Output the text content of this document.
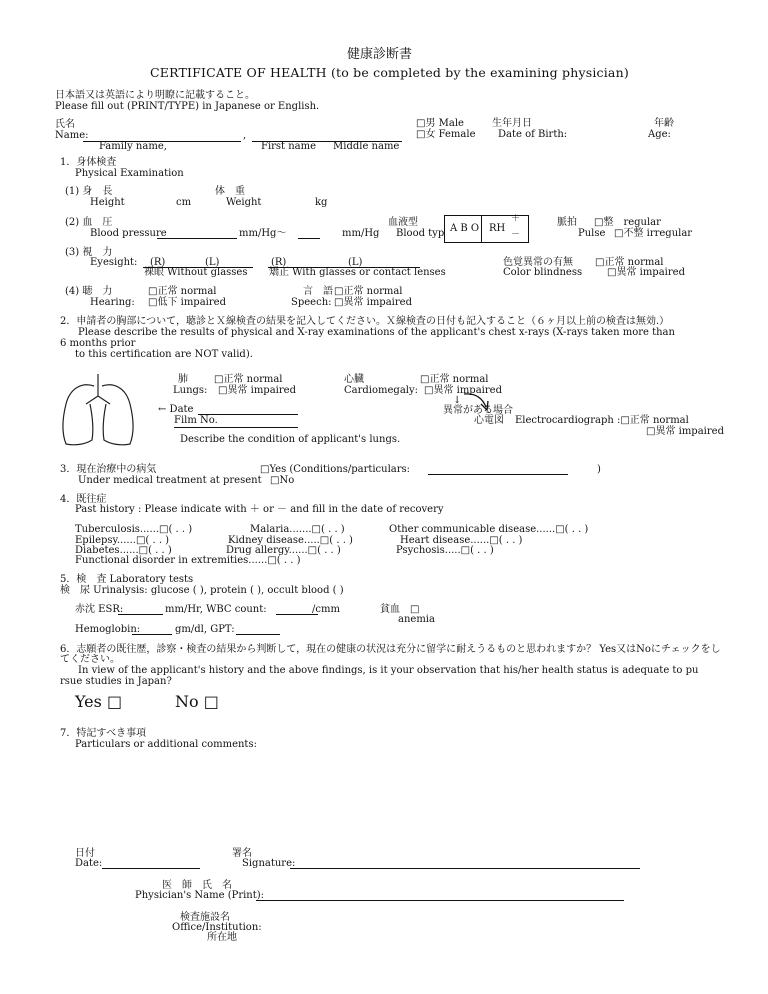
健康診断書
CERTIFICATE OF HEALTH (to be completed by the examining physician)
日本語又は英語により明瞭に記載すること。
Please fill out (PRINT/TYPE) in Japanese or English.
氏名
Name:	,
Family name,	First name Middle name
□男 Male
□女 Female
生年月日
Date of Birth:
年齢
Age:
1．身体検査
Physical Examination
(1) 身　長
Height	cm
体　重
Weight	kg
(2) 血　圧
Blood pressure	mm/Hg～	mm/Hg
血液型
Blood typ A B O RH
＋
－
脈拍
Pulse
□整　regular
□不整 irregular
(3) 視　力
Eyesight: (R)	(L)
裸眼 Without glasses
(R)	(L)
矯正 With glasses or contact lenses
色覚異常の有無
Color blindness
□正常 normal
□異常 impaired
(4) 聴　力
Hearing:
□正常 normal
□低下 impaired
言　語
Speech:
□正常 normal
□異常 impaired
2．申請者の胸部について，聴診とＸ線検査の結果を記入してください。Ｘ線検査の日付も記入すること（６ヶ月以上前の検査は無効.）
Please describe the results of physical and X-ray examinations of the applicant's chest x-rays (X-rays taken more than
6 months prior
to this certification are NOT valid).
肺
Lungs:
□正常 normal
□異常 impaired
← Date
Film No.
Describe the condition of applicant's lungs.
心臓
Cardiomegaly:
□正常 normal
□異常 impaired
↓
異常がある場合
心電図 Electrocardiograph :□正常 normal
□異常 impaired
3．現在治療中の病気
Under medical treatment at present
□Yes (Conditions/particulars:	)
□No
4．既往症
Past history : Please indicate with ＋ or － and fill in the date of recovery
Tuberculosis......□( . . )	Malaria.......□( . . )	Other communicable disease......□( . . )
Epilepsy......□( . . )	Kidney disease.....□( . . )	Heart disease......□( . . )
Diabetes......□( . . )	Drug allergy......□( . . )	Psychosis.....□( . . )
Functional disorder in extremities......□( . . )
5．検　査 Laboratory tests
検　尿 Urinalysis: glucose ( ), protein ( ), occult blood ( )
赤沈 ESR:	mm/Hr, WBC count:	/cmm	貧血　□
anemia
Hemoglobin:	gm/dl, GPT:
6．志願者の既往歴，診察・検査の結果から判断して，現在の健康の状況は充分に留学に耐えうるものと思われますか？ Yes又はNoにチェックをし
てください。
In view of the applicant's history and the above findings, is it your observation that his/her health status is adequate to pu
rsue studies in Japan?
Yes □	No □
7．特記すべき事項
Particulars or additional comments:
日付
Date:
署名
Signature:
医　師　氏　名
Physician's Name (Print):
検査施設名
Office/Institution:
所在地
